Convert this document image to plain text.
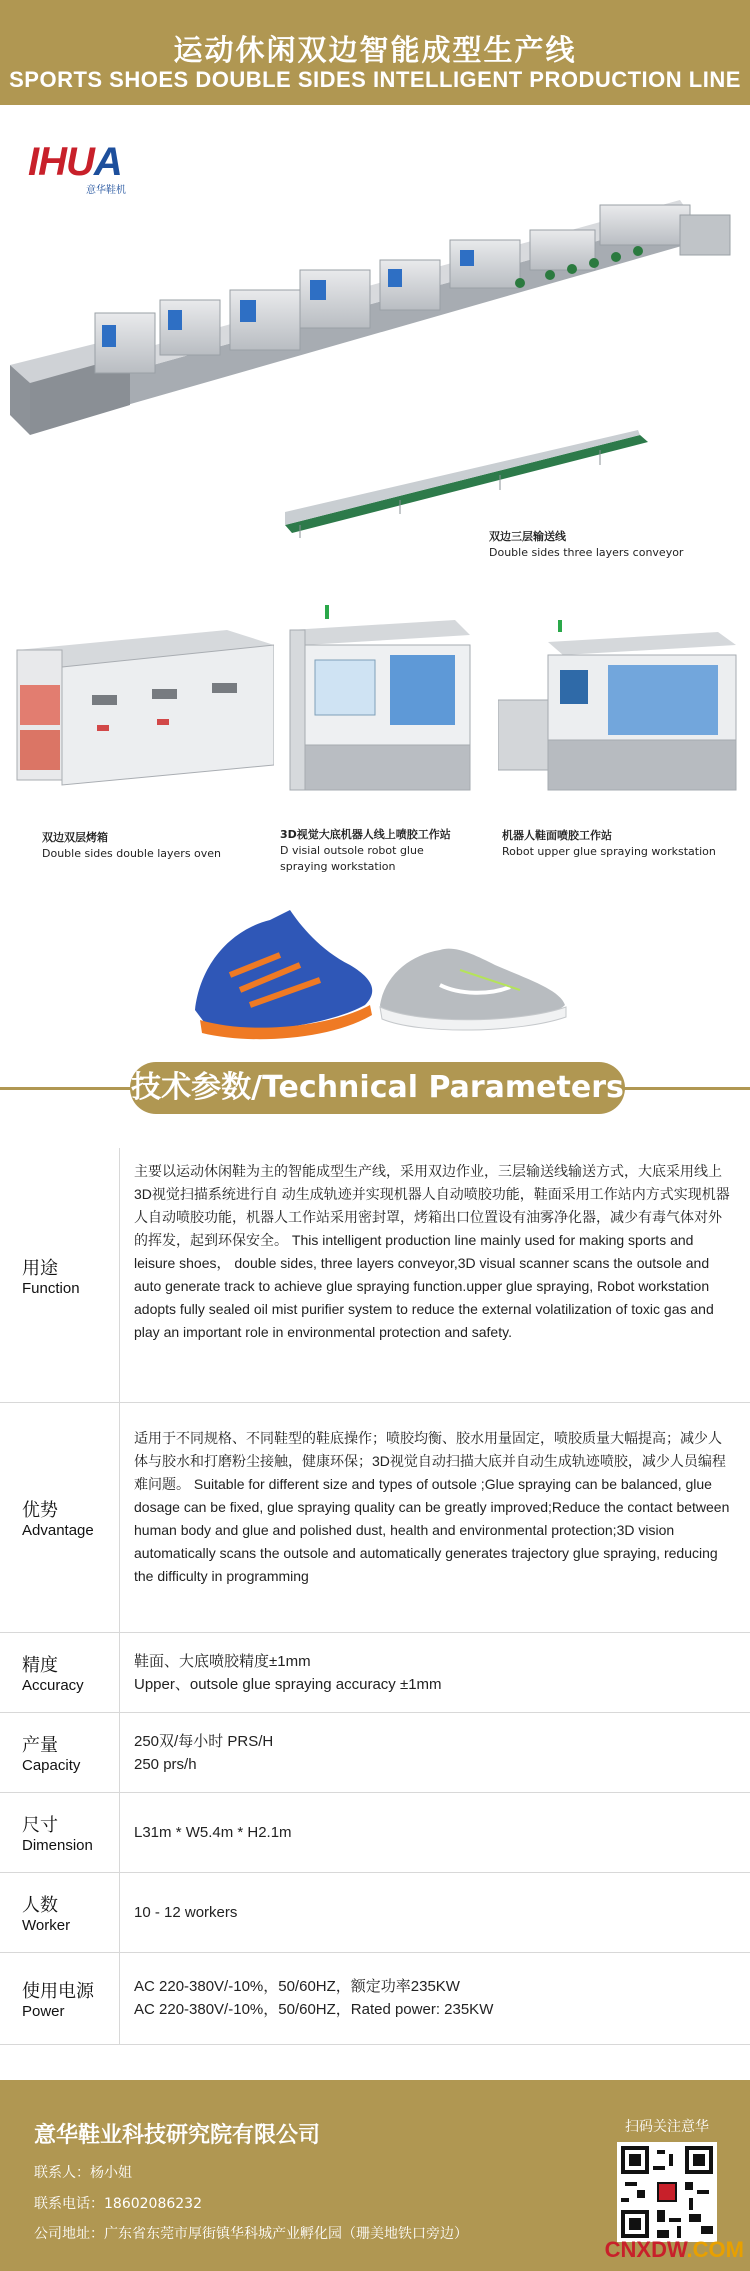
运动休闲双边智能成型生产线
SPORTS SHOES DOUBLE SIDES INTELLIGENT PRODUCTION LINE
IHUA
意华鞋机
双边三层输送线
Double sides three layers conveyor
双边双层烤箱
Double sides double layers oven
3D视觉大底机器人线上喷胶工作站
D visial outsole robot glue
spraying workstation
机器人鞋面喷胶工作站
Robot upper glue spraying workstation
技术参数/Technical Parameters
用途
Function
主要以运动休闲鞋为主的智能成型生产线，采用双边作业，三层输送线输送方式，大底采用线上3D视觉扫描系统进行自 动生成轨迹并实现机器人自动喷胶功能，鞋面采用工作站内方式实现机器人自动喷胶功能，机器人工作站采用密封罩，烤箱出口位置设有油雾净化器，减少有毒气体对外的挥发，起到环保安全。 This intelligent production line mainly used for making sports and leisure shoes， double sides, three layers conveyor,3D visual scanner scans the outsole and auto generate track to achieve glue spraying function.upper glue spraying, Robot workstation adopts fully sealed oil mist purifier system to reduce the external volatilization of toxic gas and play an important role in environmental protection and safety.
优势
Advantage
适用于不同规格、不同鞋型的鞋底操作；喷胶均衡、胶水用量固定，喷胶质量大幅提高；减少人体与胶水和打磨粉尘接触，健康环保；3D视觉自动扫描大底并自动生成轨迹喷胶，减少人员编程难问题。 Suitable for different size and types of outsole ;Glue spraying can be balanced, glue dosage can be fixed, glue spraying quality can be greatly improved;Reduce the contact between human body and glue and polished dust, health and environmental protection;3D vision automatically scans the outsole and automatically generates trajectory glue spraying, reducing the difficulty in programming
精度
Accuracy
鞋面、大底喷胶精度±1mm
Upper、outsole glue spraying accuracy ±1mm
产量
Capacity
250双/每小时 PRS/H
250 prs/h
尺寸
Dimension
L31m * W5.4m * H2.1m
人数
Worker
10 - 12 workers
使用电源
Power
AC 220-380V/-10%，50/60HZ，额定功率235KW
AC 220-380V/-10%，50/60HZ，Rated power: 235KW
意华鞋业科技研究院有限公司
联系人：杨小姐
联系电话：18602086232
公司地址：广东省东莞市厚街镇华科城产业孵化园（珊美地铁口旁边）
扫码关注意华
CNXDW.COM
